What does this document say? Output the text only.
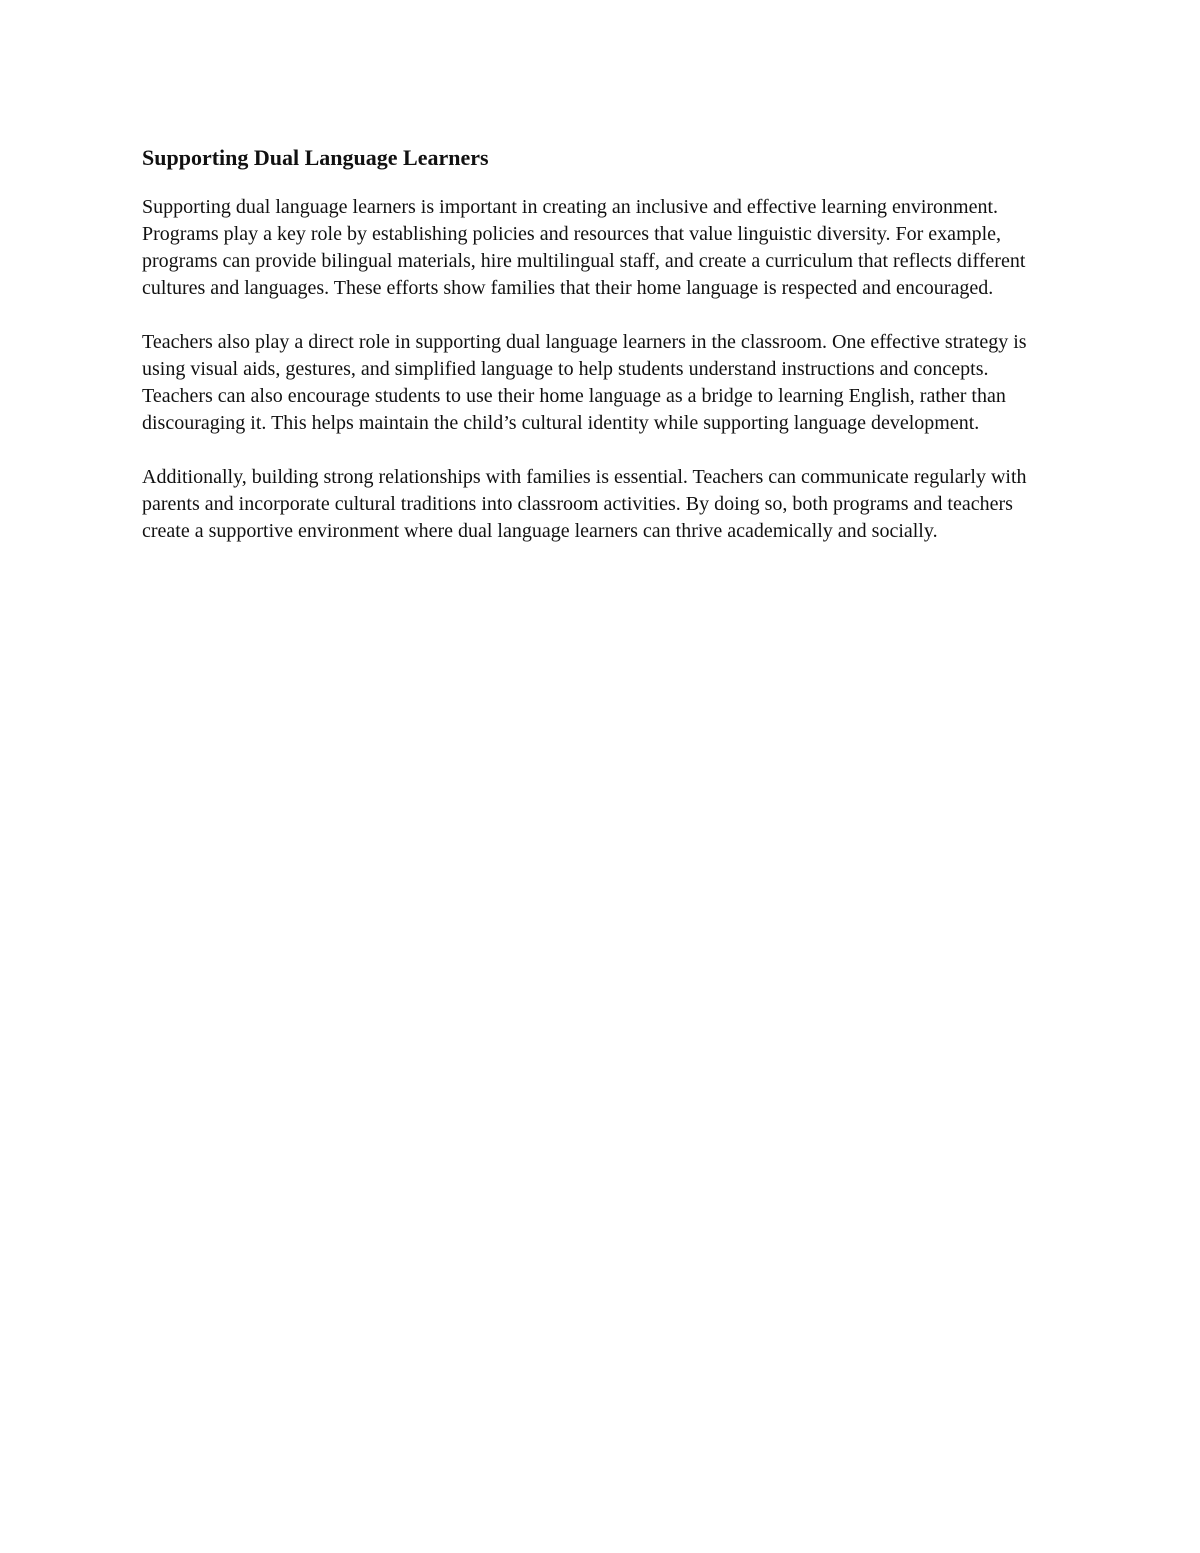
Supporting Dual Language Learners

Supporting dual language learners is important in creating an inclusive and effective learning environment. Programs play a key role by establishing policies and resources that value linguistic diversity. For example, programs can provide bilingual materials, hire multilingual staff, and create a curriculum that reflects different cultures and languages. These efforts show families that their home language is respected and encouraged.

Teachers also play a direct role in supporting dual language learners in the classroom. One effective strategy is using visual aids, gestures, and simplified language to help students understand instructions and concepts. Teachers can also encourage students to use their home language as a bridge to learning English, rather than discouraging it. This helps maintain the child’s cultural identity while supporting language development.

Additionally, building strong relationships with families is essential. Teachers can communicate regularly with parents and incorporate cultural traditions into classroom activities. By doing so, both programs and teachers create a supportive environment where dual language learners can thrive academically and socially.
